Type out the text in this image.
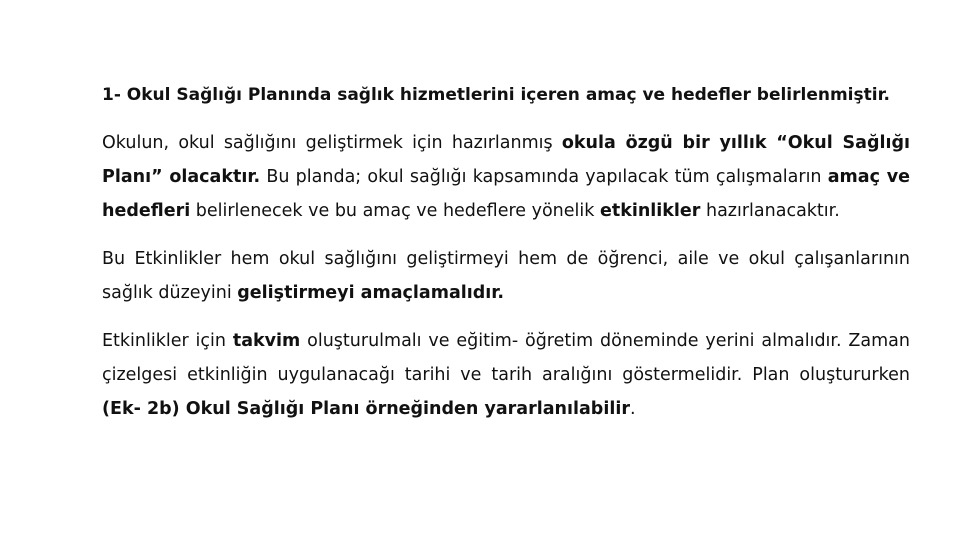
1- Okul Sağlığı Planında sağlık hizmetlerini içeren amaç ve hedefler belirlenmiştir.

Okulun, okul sağlığını geliştirmek için hazırlanmış okula özgü bir yıllık “Okul Sağlığı Planı” olacaktır. Bu planda; okul sağlığı kapsamında yapılacak tüm çalışmaların amaç ve hedefleri belirlenecek ve bu amaç ve hedeflere yönelik etkinlikler hazırlanacaktır.

Bu Etkinlikler hem okul sağlığını geliştirmeyi hem de öğrenci, aile ve okul çalışanlarının sağlık düzeyini geliştirmeyi amaçlamalıdır.

Etkinlikler için takvim oluşturulmalı ve eğitim- öğretim döneminde yerini almalıdır. Zaman çizelgesi etkinliğin uygulanacağı tarihi ve tarih aralığını göstermelidir. Plan oluştururken (Ek- 2b) Okul Sağlığı Planı örneğinden yararlanılabilir.
